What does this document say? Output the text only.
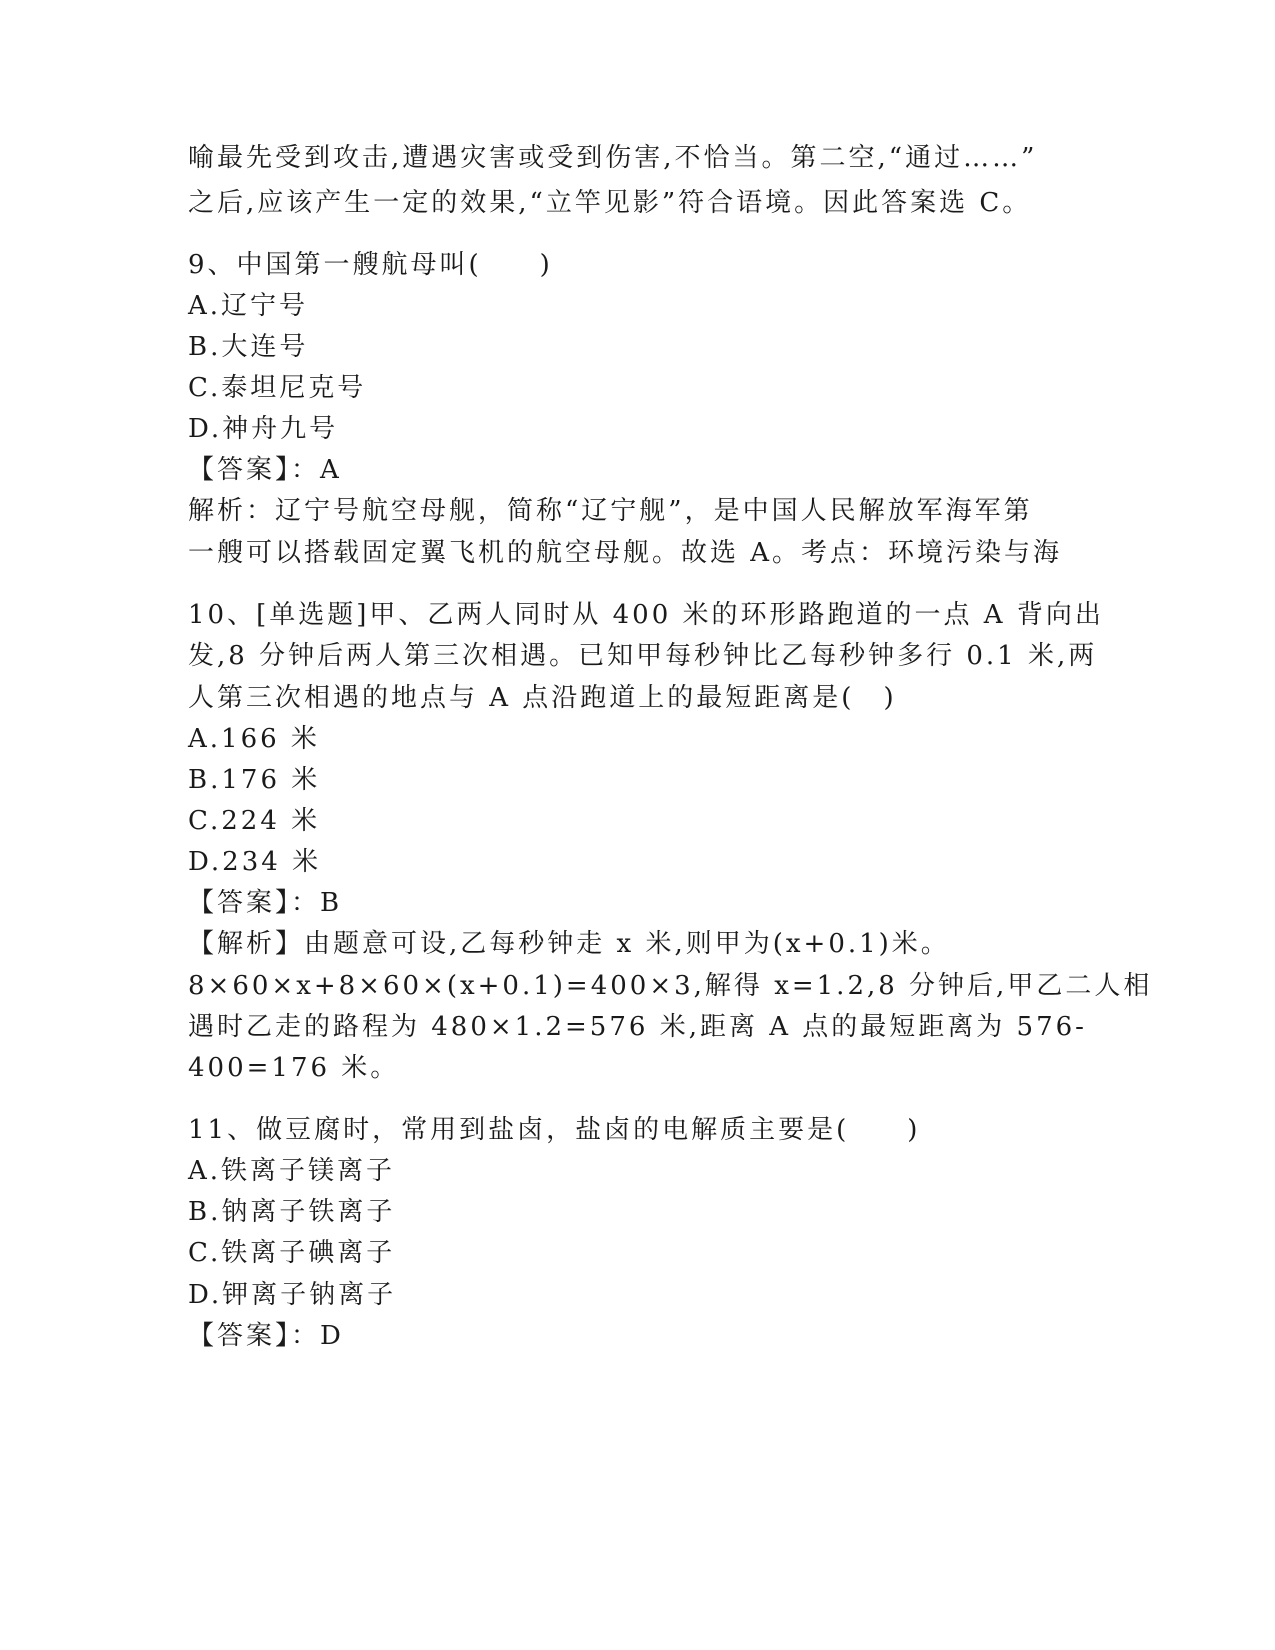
喻最先受到攻击,遭遇灾害或受到伤害,不恰当。第二空,“通过……”
之后,应该产生一定的效果,“立竿见影”符合语境。因此答案选 C。
9、中国第一艘航母叫(　　)
A.辽宁号
B.大连号
C.泰坦尼克号
D.神舟九号
【答案】：A
解析：辽宁号航空母舰，简称“辽宁舰”，是中国人民解放军海军第
一艘可以搭载固定翼飞机的航空母舰。故选 A。考点：环境污染与海
10、[单选题]甲、乙两人同时从 400 米的环形路跑道的一点 A 背向出
发,8 分钟后两人第三次相遇。已知甲每秒钟比乙每秒钟多行 0.1 米,两
人第三次相遇的地点与 A 点沿跑道上的最短距离是(　)
A.166 米
B.176 米
C.224 米
D.234 米
【答案】：B
【解析】由题意可设,乙每秒钟走 x 米,则甲为(x+0.1)米。
8×60×x+8×60×(x+0.1)=400×3,解得 x=1.2,8 分钟后,甲乙二人相
遇时乙走的路程为 480×1.2=576 米,距离 A 点的最短距离为 576-
400=176 米。
11、做豆腐时，常用到盐卤，盐卤的电解质主要是(　　)
A.铁离子镁离子
B.钠离子铁离子
C.铁离子碘离子
D.钾离子钠离子
【答案】：D
